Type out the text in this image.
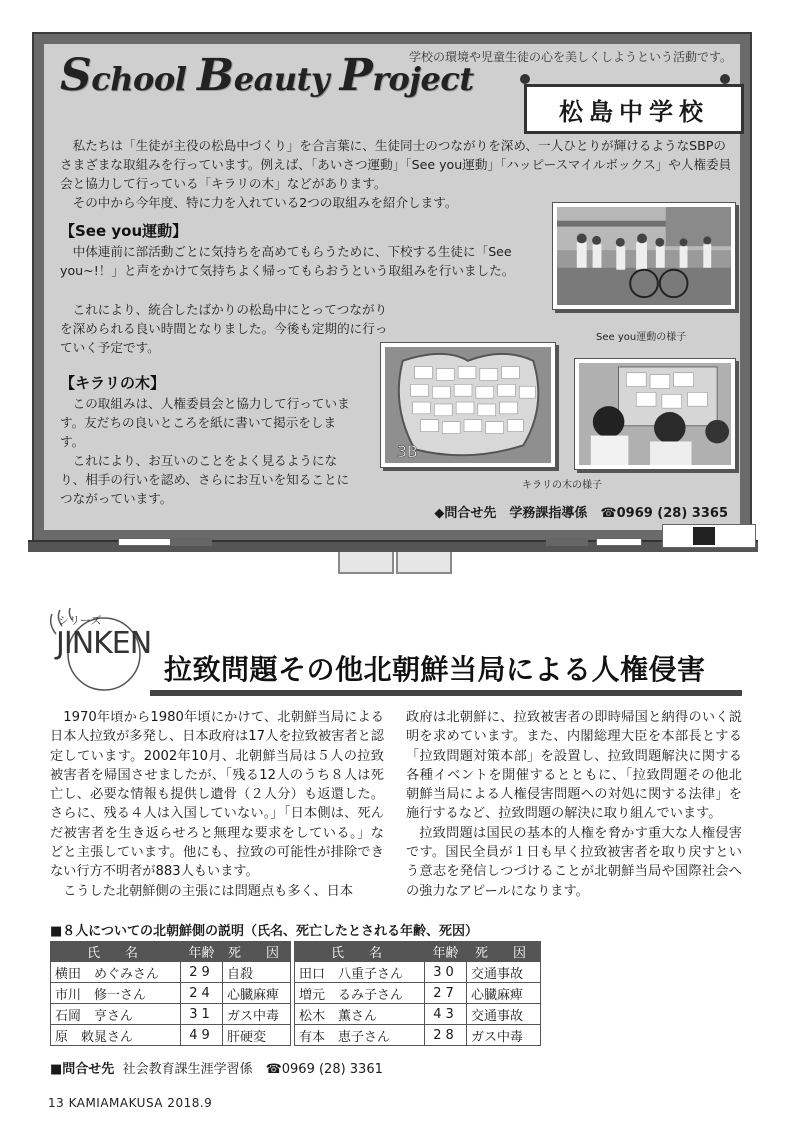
School Beauty Project
学校の環境や児童生徒の心を美しくしようという活動です。
松島中学校

私たちは「生徒が主役の松島中づくり」を合言葉に、生徒同士のつながりを深め、一人ひとりが輝けるようなSBPのさまざまな取組みを行っています。例えば、「あいさつ運動」「See you運動」「ハッピースマイルボックス」や人権委員会と協力して行っている「キラリの木」などがあります。

その中から今年度、特に力を入れている2つの取組みを紹介します。

【See you運動】

中体連前に部活動ごとに気持ちを高めてもらうために、下校する生徒に「See you~!！」と声をかけて気持ちよく帰ってもらおうという取組みを行いました。

これにより、統合したばかりの松島中にとってつながりを深められる良い時間となりました。今後も定期的に行っていく予定です。

【キラリの木】

この取組みは、人権委員会と協力して行っています。友だちの良いところを紙に書いて掲示をします。

これにより、お互いのことをよく見るようになり、相手の行いを認め、さらにお互いを知ることにつながっています。

See you運動の様子
3B
キラリの木の様子
◆問合せ先　学務課指導係　☎0969 (28) 3365
シリーズ
JINKEN
拉致問題その他北朝鮮当局による人権侵害

1970年頃から1980年頃にかけて、北朝鮮当局による日本人拉致が多発し、日本政府は17人を拉致被害者と認定しています。2002年10月、北朝鮮当局は５人の拉致被害者を帰国させましたが、「残る12人のうち８人は死亡し、必要な情報も提供し遺骨（２人分）も返還した。さらに、残る４人は入国していない。」「日本側は、死んだ被害者を生き返らせろと無理な要求をしている。」などと主張しています。他にも、拉致の可能性が排除できない行方不明者が883人もいます。

こうした北朝鮮側の主張には問題点も多く、日本

政府は北朝鮮に、拉致被害者の即時帰国と納得のいく説明を求めています。また、内閣総理大臣を本部長とする「拉致問題対策本部」を設置し、拉致問題解決に関する各種イベントを開催するとともに、「拉致問題その他北朝鮮当局による人権侵害問題への対処に関する法律」を施行するなど、拉致問題の解決に取り組んでいます。

拉致問題は国民の基本的人権を脅かす重大な人権侵害です。国民全員が１日も早く拉致被害者を取り戻すという意志を発信しつづけることが北朝鮮当局や国際社会への強力なアピールになります。

■８人についての北朝鮮側の説明（氏名、死亡したとされる年齢、死因）
氏　名	年齢	死　因		氏　名	年齢	死　因
横田　めぐみさん	29	自殺		田口　八重子さん	30	交通事故
市川　修一さん	24	心臓麻痺		増元　るみ子さん	27	心臓麻痺
石岡　亨さん	31	ガス中毒		松木　薫さん	43	交通事故
原　敕晁さん	49	肝硬変		有本　恵子さん	28	ガス中毒
■問合せ先 社会教育課生涯学習係　☎0969 (28) 3361
13 KAMIAMAKUSA 2018.9
